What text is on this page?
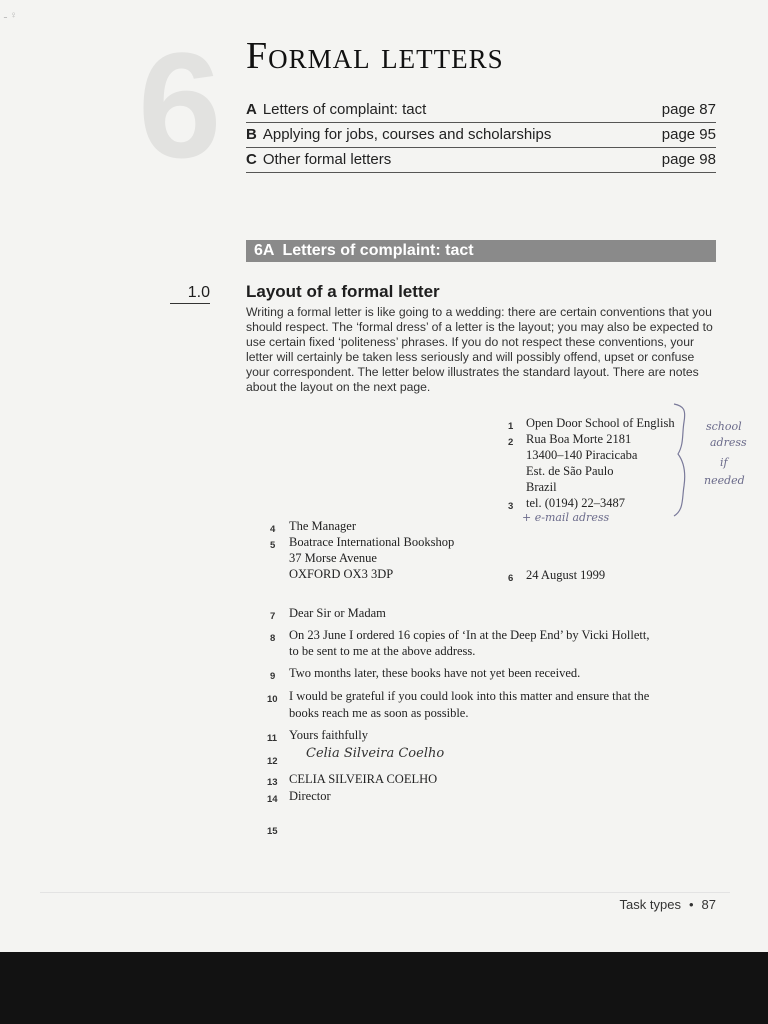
ـ ♀
6 Formal letters
A Letters of complaint: tact	page 87
B Applying for jobs, courses and scholarships	page 95
C Other formal letters	page 98
6A Letters of complaint: tact
1.0 Layout of a formal letter

Writing a formal letter is like going to a wedding: there are certain conventions that you should respect. The ‘formal dress’ of a letter is the layout; you may also be expected to use certain fixed ‘politeness’ phrases. If you do not respect these conventions, your letter will certainly be taken less seriously and will possibly offend, upset or confuse your correspondent. The letter below illustrates the standard layout. There are notes about the layout on the next page.

1 Open Door School of English
2 Rua Boa Morte 2181
13400–140 Piracicaba
Est. de São Paulo
Brazil
3 tel. (0194) 22–3487
4 The Manager
5 Boatrace International Bookshop
37 Morse Avenue
OXFORD OX3 3DP	6 24 August 1999
7 Dear Sir or Madam
8 On 23 June I ordered 16 copies of ‘In at the Deep End’ by Vicki Hollett,
to be sent to me at the above address.
9 Two months later, these books have not yet been received.
10 I would be grateful if you could look into this matter and ensure that the
books reach me as soon as possible.
11 Yours faithfully
12
Celia Silveira Coelho
13 CELIA SILVEIRA COELHO
14 Director
15
+ e-mail adress
school
adress
if
needed
Task types • 87
